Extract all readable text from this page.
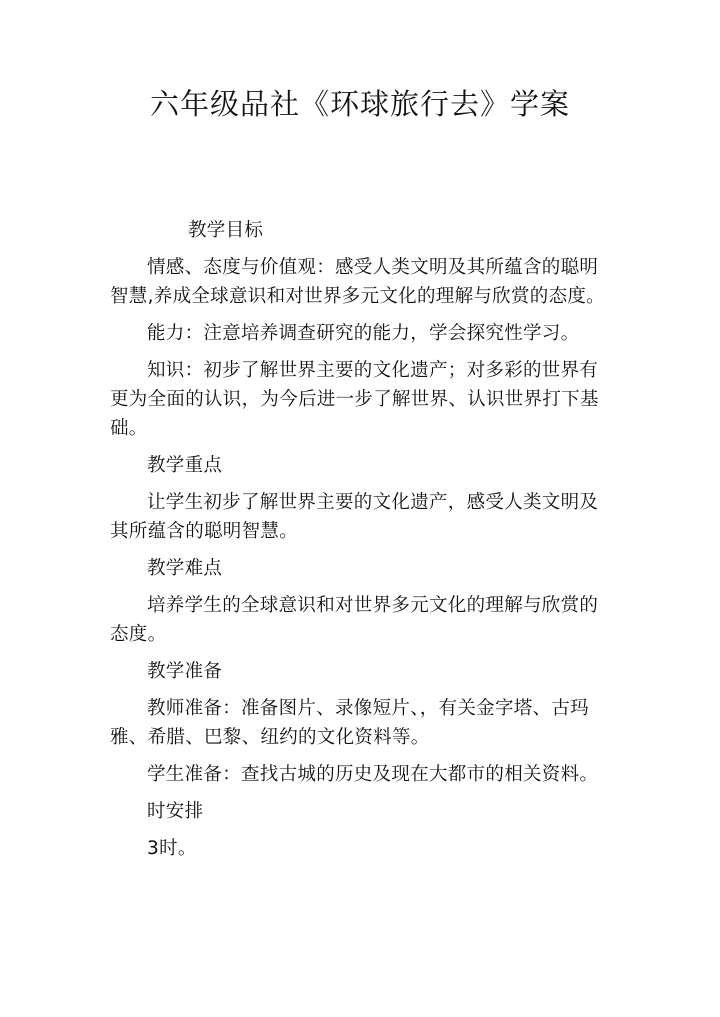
六年级品社《环球旅行去》学案

教学目标

情感、态度与价值观：感受人类文明及其所蕴含的聪明智慧,养成全球意识和对世界多元文化的理解与欣赏的态度。

能力：注意培养调查研究的能力，学会探究性学习。

知识：初步了解世界主要的文化遗产；对多彩的世界有更为全面的认识，为今后进一步了解世界、认识世界打下基础。

教学重点

让学生初步了解世界主要的文化遗产，感受人类文明及其所蕴含的聪明智慧。

教学难点

培养学生的全球意识和对世界多元文化的理解与欣赏的态度。

教学准备

教师准备：准备图片、录像短片、，有关金字塔、古玛雅、希腊、巴黎、纽约的文化资料等。

学生准备：查找古城的历史及现在大都市的相关资料。

时安排

3时。
